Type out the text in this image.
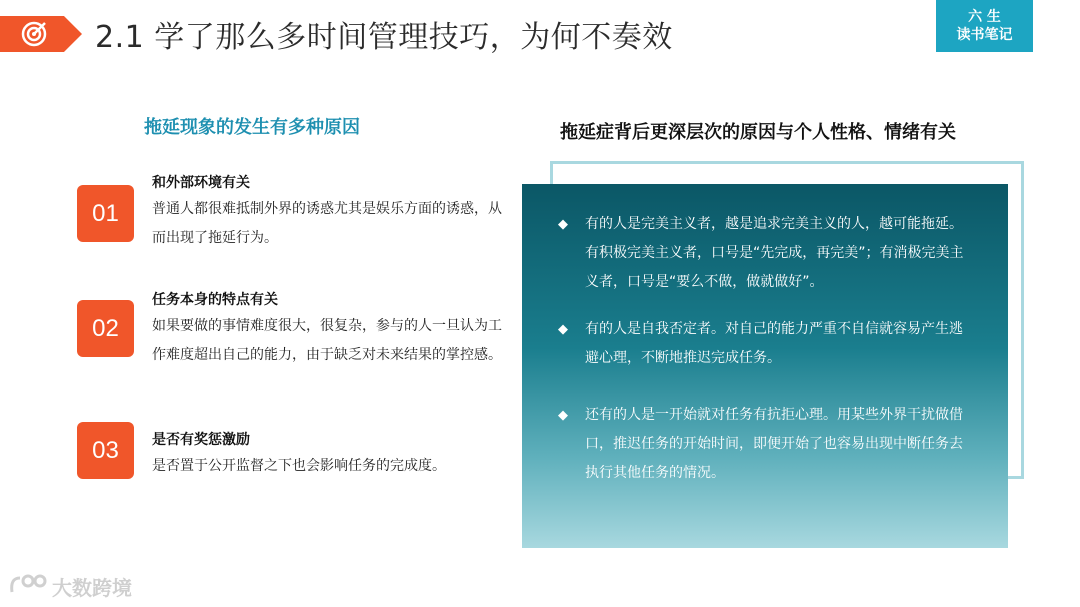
2.1 学了那么多时间管理技巧，为何不奏效
六 生
读书笔记
拖延现象的发生有多种原因
01
和外部环境有关
普通人都很难抵制外界的诱惑尤其是娱乐方面的诱惑，从而出现了拖延行为。
02
任务本身的特点有关
如果要做的事情难度很大，很复杂，参与的人一旦认为工作难度超出自己的能力，由于缺乏对未来结果的掌控感。
03	是否有奖惩激励
是否置于公开监督之下也会影响任务的完成度。
拖延症背后更深层次的原因与个人性格、情绪有关
◆ 有的人是完美主义者，越是追求完美主义的人，越可能拖延。有积极完美主义者，口号是“先完成，再完美”；有消极完美主义者，口号是“要么不做，做就做好”。
◆ 有的人是自我否定者。对自己的能力严重不自信就容易产生逃避心理，不断地推迟完成任务。
◆ 还有的人是一开始就对任务有抗拒心理。用某些外界干扰做借口，推迟任务的开始时间，即便开始了也容易出现中断任务去执行其他任务的情况。
大数跨境
